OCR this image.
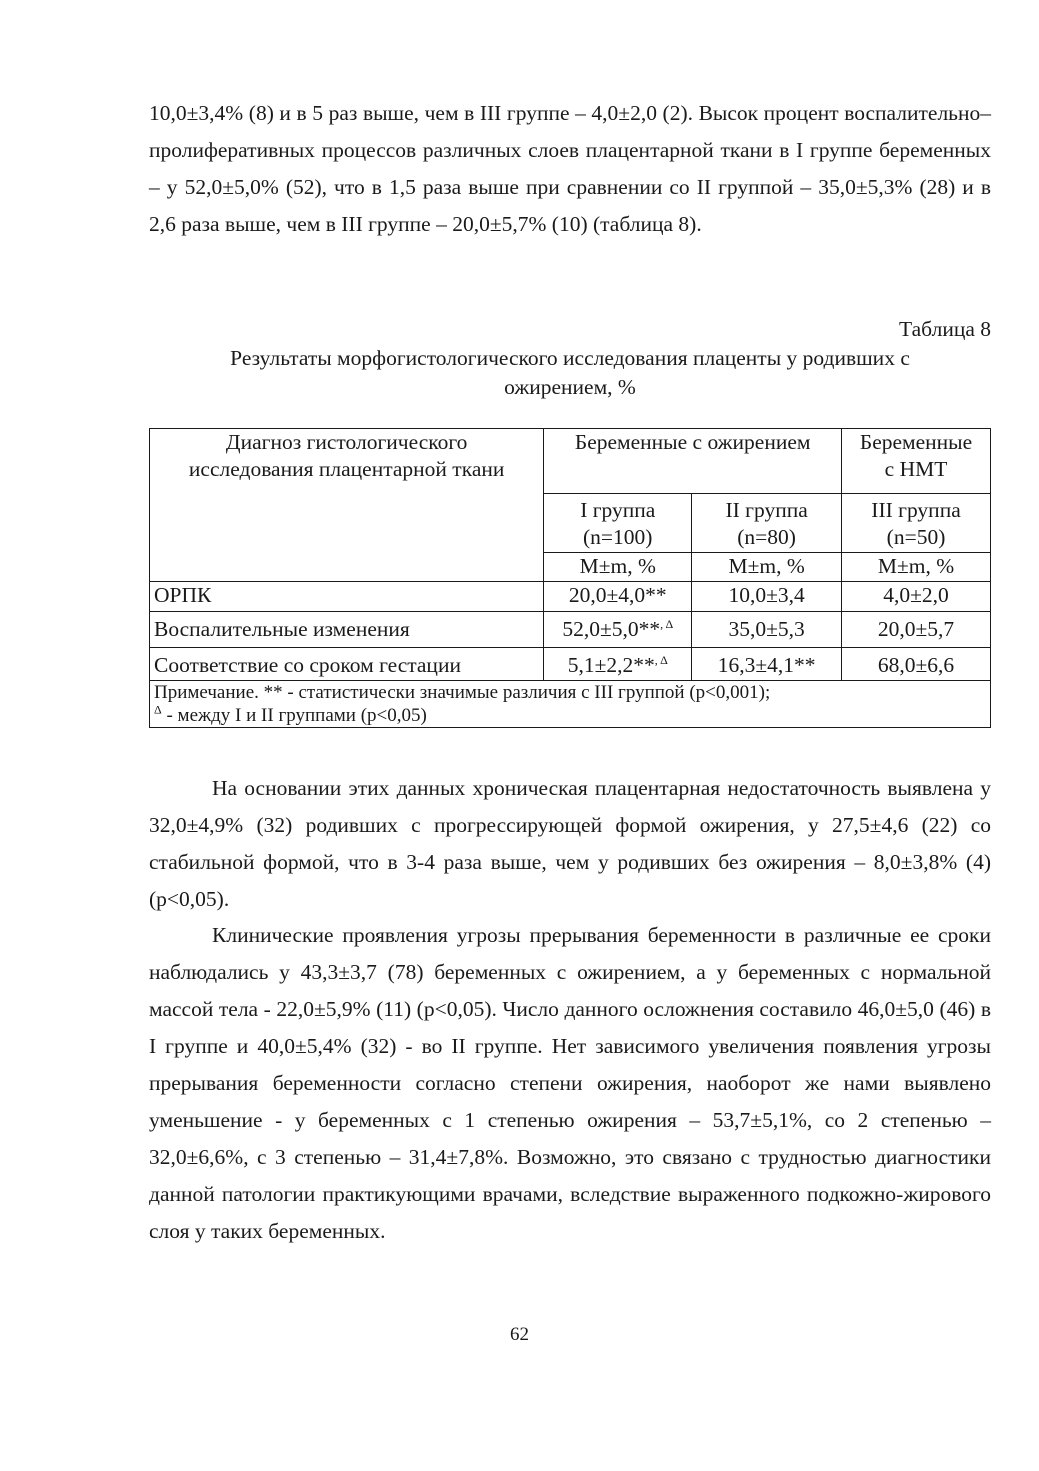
10,0±3,4% (8) и в 5 раз выше, чем в III группе – 4,0±2,0 (2). Высок процент воспалительно–пролиферативных процессов различных слоев плацентарной ткани в I группе беременных – у 52,0±5,0% (52), что в 1,5 раза выше при сравнении со II группой – 35,0±5,3% (28) и в 2,6 раза выше, чем в III группе – 20,0±5,7% (10) (таблица 8).

Таблица 8
Результаты морфогистологического исследования плаценты у родивших с
ожирением, %
Диагноз гистологического
исследования плацентарной ткани	Беременные с ожирением		Беременные
с НМТ
	I группа
(n=100)	II группа
(n=80)	III группа
(n=50)
	M±m, %	M±m, %	M±m, %
ОРПК	20,0±4,0**	10,0±3,4	4,0±2,0
Воспалительные изменения	52,0±5,0**$^{, \Delta}$	35,0±5,3	20,0±5,7
Соответствие со сроком гестации	5,1±2,2**$^{, \Delta}$	16,3±4,1**	68,0±6,6
Примечание. ** - статистически значимые различия с III группой (p<0,001);
$^\Delta$ - между I и II группами (p<0,05)			

На основании этих данных хроническая плацентарная недостаточность выявлена у 32,0±4,9% (32) родивших с прогрессирующей формой ожирения, у 27,5±4,6 (22) со стабильной формой, что в 3-4 раза выше, чем у родивших без ожирения – 8,0±3,8% (4) (p<0,05).

Клинические проявления угрозы прерывания беременности в различные ее сроки наблюдались у 43,3±3,7 (78) беременных с ожирением, а у беременных с нормальной массой тела - 22,0±5,9% (11) (p<0,05). Число данного осложнения составило 46,0±5,0 (46) в I группе и 40,0±5,4% (32) - во II группе. Нет зависимого увеличения появления угрозы прерывания беременности согласно степени ожирения, наоборот же нами выявлено уменьшение - у беременных с 1 степенью ожирения – 53,7±5,1%, со 2 степенью – 32,0±6,6%, с 3 степенью – 31,4±7,8%. Возможно, это связано с трудностью диагностики данной патологии практикующими врачами, вследствие выраженного подкожно-жирового слоя у таких беременных.

62
